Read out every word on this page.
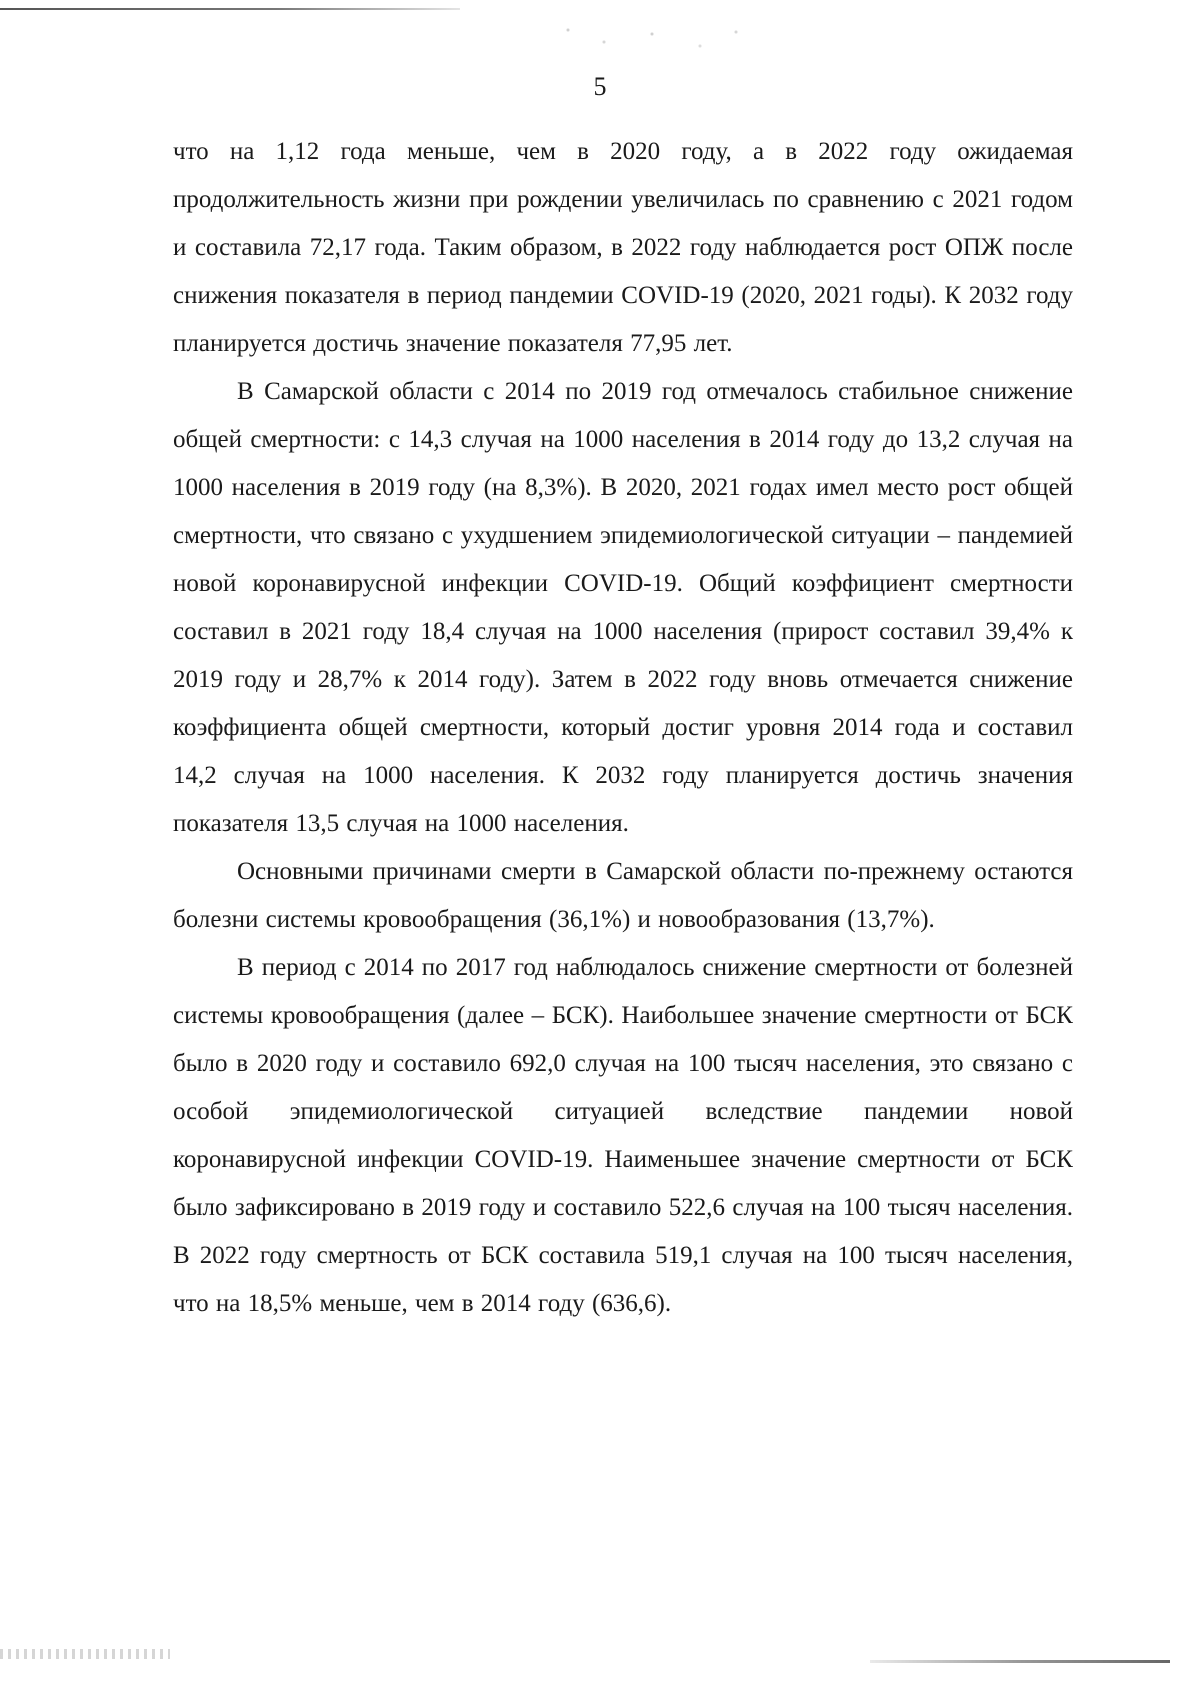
5

что на 1,12 года меньше, чем в 2020 году, а в 2022 году ожидаемая продолжительность жизни при рождении увеличилась по сравнению с 2021 годом и составила 72,17 года. Таким образом, в 2022 году наблюдается рост ОПЖ после снижения показателя в период пандемии COVID-19 (2020, 2021 годы). К 2032 году планируется достичь значение показателя 77,95 лет.

В Самарской области с 2014 по 2019 год отмечалось стабильное снижение общей смертности: с 14,3 случая на 1000 населения в 2014 году до 13,2 случая на 1000 населения в 2019 году (на 8,3%). В 2020, 2021 годах имел место рост общей смертности, что связано с ухудшением эпидемиологической ситуации – пандемией новой коронавирусной инфекции COVID-19. Общий коэффициент смертности составил в 2021 году 18,4 случая на 1000 населения (прирост составил 39,4% к 2019 году и 28,7% к 2014 году). Затем в 2022 году вновь отмечается снижение коэффициента общей смертности, который достиг уровня 2014 года и составил 14,2 случая на 1000 населения. К 2032 году планируется достичь значения показателя 13,5 случая на 1000 населения.

Основными причинами смерти в Самарской области по-прежнему остаются болезни системы кровообращения (36,1%) и новообразования (13,7%).

В период с 2014 по 2017 год наблюдалось снижение смертности от болезней системы кровообращения (далее – БСК). Наибольшее значение смертности от БСК было в 2020 году и составило 692,0 случая на 100 тысяч населения, это связано с особой эпидемиологической ситуацией вследствие пандемии новой коронавирусной инфекции COVID-19. Наименьшее значение смертности от БСК было зафиксировано в 2019 году и составило 522,6 случая на 100 тысяч населения. В 2022 году смертность от БСК составила 519,1 случая на 100 тысяч населения, что на 18,5% меньше, чем в 2014 году (636,6).
